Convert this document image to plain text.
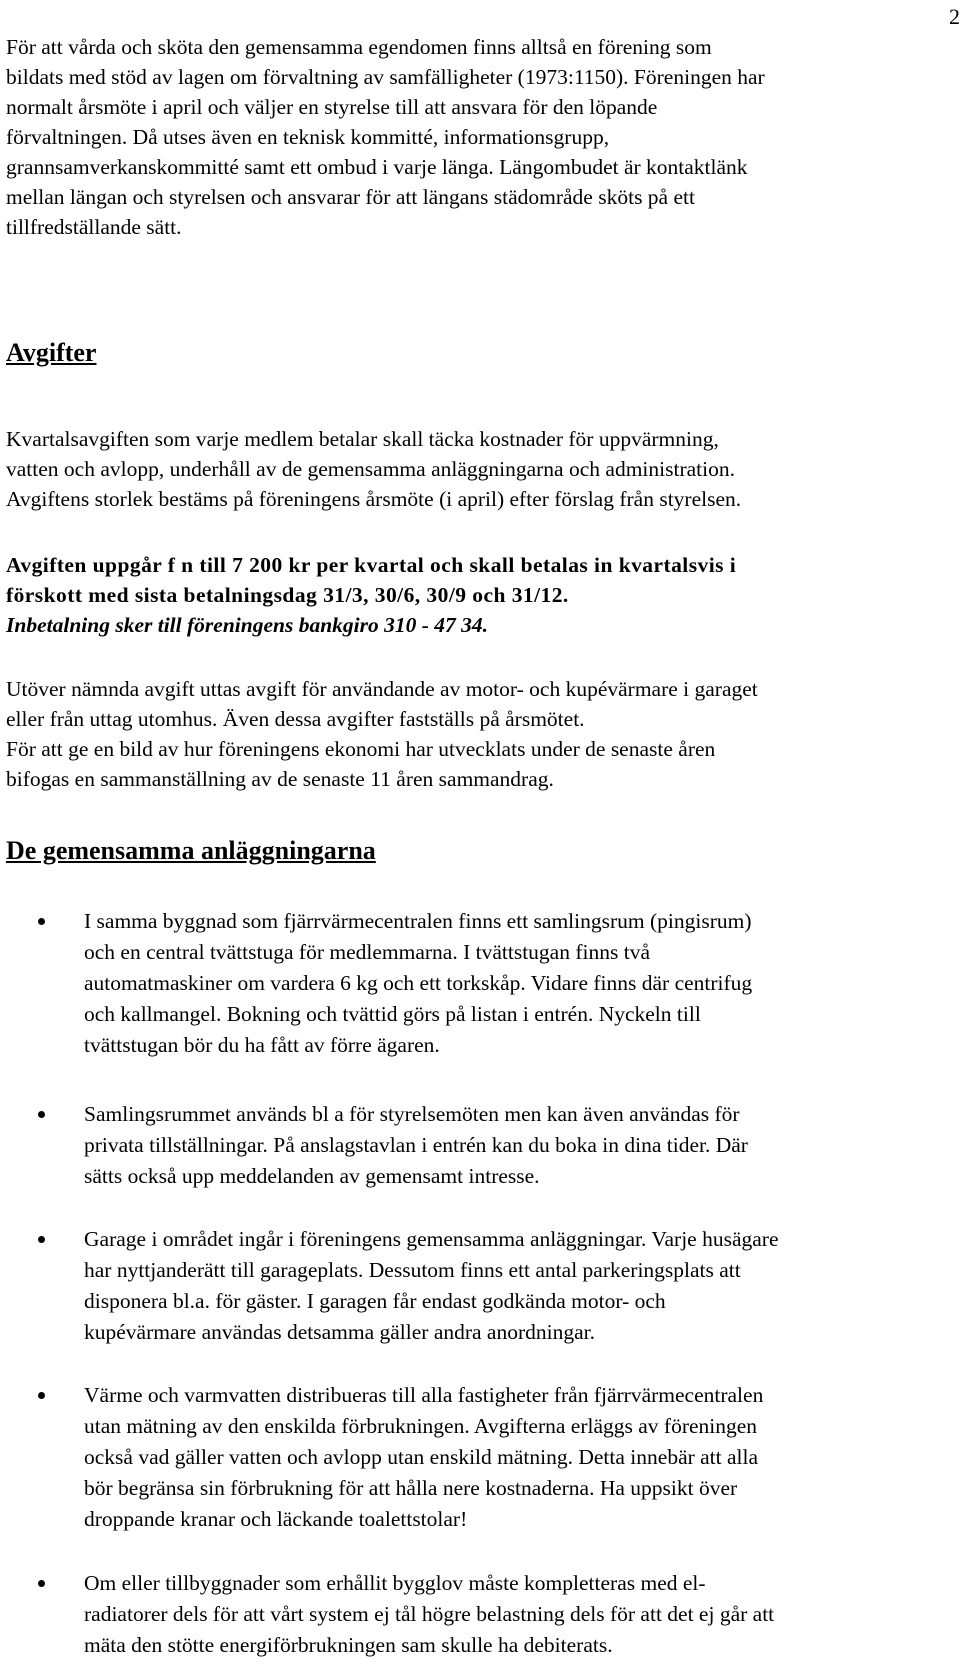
2

För att vårda och sköta den gemensamma egendomen finns alltså en förening som
bildats med stöd av lagen om förvaltning av samfälligheter (1973:1150). Föreningen har
normalt årsmöte i april och väljer en styrelse till att ansvara för den löpande
förvaltningen. Då utses även en teknisk kommitté, informationsgrupp,
grannsamverkanskommitté samt ett ombud i varje länga. Längombudet är kontaktlänk
mellan längan och styrelsen och ansvarar för att längans städområde sköts på ett
tillfredställande sätt.

Avgifter

Kvartalsavgiften som varje medlem betalar skall täcka kostnader för uppvärmning,
vatten och avlopp, underhåll av de gemensamma anläggningarna och administration.
Avgiftens storlek bestäms på föreningens årsmöte (i april) efter förslag från styrelsen.

Avgiften uppgår f n till 7 200 kr per kvartal och skall betalas in kvartalsvis i
förskott med sista betalningsdag 31/3, 30/6, 30/9 och 31/12.
Inbetalning sker till föreningens bankgiro 310 - 47 34.

Utöver nämnda avgift uttas avgift för användande av motor- och kupévärmare i garaget
eller från uttag utomhus. Även dessa avgifter fastställs på årsmötet.
För att ge en bild av hur föreningens ekonomi har utvecklats under de senaste åren
bifogas en sammanställning av de senaste 11 åren sammandrag.

De gemensamma anläggningarna

I samma byggnad som fjärrvärmecentralen finns ett samlingsrum (pingisrum)
och en central tvättstuga för medlemmarna. I tvättstugan finns två
automatmaskiner om vardera 6 kg och ett torkskåp. Vidare finns där centrifug
och kallmangel. Bokning och tvättid görs på listan i entrén. Nyckeln till
tvättstugan bör du ha fått av förre ägaren.

Samlingsrummet används bl a för styrelsemöten men kan även användas för
privata tillställningar. På anslagstavlan i entrén kan du boka in dina tider. Där
sätts också upp meddelanden av gemensamt intresse.

Garage i området ingår i föreningens gemensamma anläggningar. Varje husägare
har nyttjanderätt till garageplats. Dessutom finns ett antal parkeringsplats att
disponera bl.a. för gäster. I garagen får endast godkända motor- och
kupévärmare användas detsamma gäller andra anordningar.

Värme och varmvatten distribueras till alla fastigheter från fjärrvärmecentralen
utan mätning av den enskilda förbrukningen. Avgifterna erläggs av föreningen
också vad gäller vatten och avlopp utan enskild mätning. Detta innebär att alla
bör begränsa sin förbrukning för att hålla nere kostnaderna. Ha uppsikt över
droppande kranar och läckande toalettstolar!

Om eller tillbyggnader som erhållit bygglov måste kompletteras med el-
radiatorer dels för att vårt system ej tål högre belastning dels för att det ej går att
mäta den stötte energiförbrukningen sam skulle ha debiterats.
